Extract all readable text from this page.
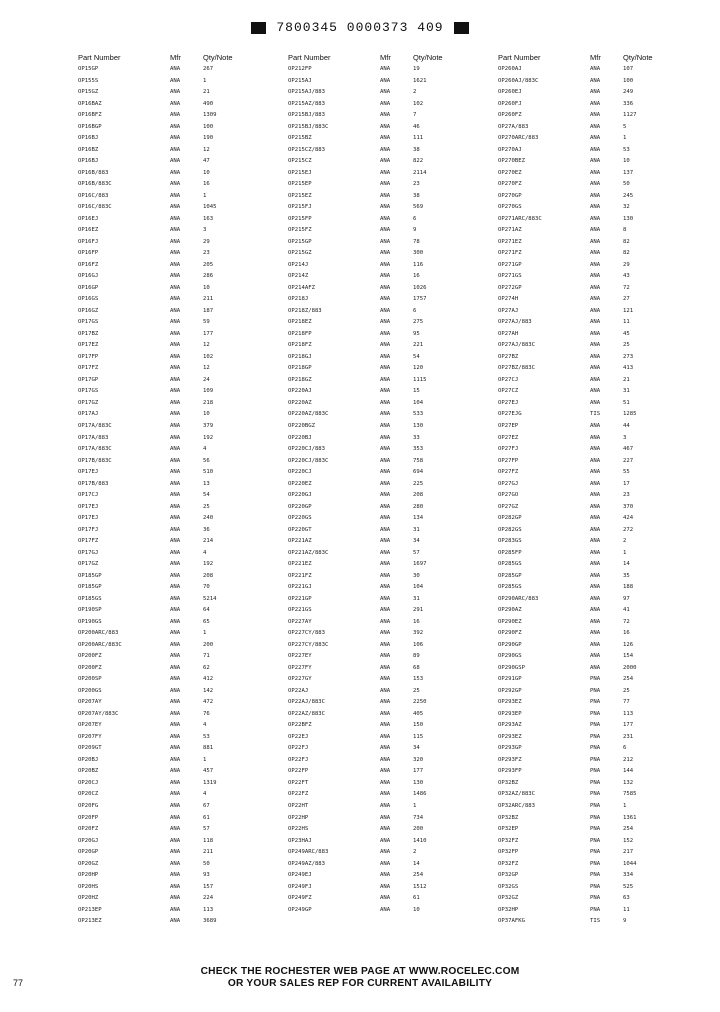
7800345 0000373 409
Part Number	Mfr	Qty/Note
OP15GP	ANA	267
OP155S	ANA	1
OP15GZ	ANA	21
OP16BAZ	ANA	490
OP16BFZ	ANA	1309
OP16BGP	ANA	100
OP16BJ	ANA	190
OP16BZ	ANA	12
OP16BJ	ANA	47
OP16B/883	ANA	10
OP16B/883C	ANA	16
OP16C/883	ANA	1
OP16C/883C	ANA	1045
OP16EJ	ANA	163
OP16EZ	ANA	3
OP16FJ	ANA	29
OP16FP	ANA	23
OP16FZ	ANA	205
OP16GJ	ANA	286
OP16GP	ANA	10
OP16GS	ANA	211
OP16GZ	ANA	187
OP17GS	ANA	59
OP17BZ	ANA	177
OP17EZ	ANA	12
OP17FP	ANA	102
OP17FZ	ANA	12
OP17GP	ANA	24
OP17GS	ANA	109
OP17GZ	ANA	218
OP17AJ	ANA	10
OP17A/883C	ANA	379
OP17A/883	ANA	192
OP17A/883C	ANA	4
OP17B/883C	ANA	56
OP17EJ	ANA	510
OP17B/883	ANA	13
OP17CJ	ANA	54
OP17EJ	ANA	25
OP17EJ	ANA	240
OP17FJ	ANA	36
OP17FZ	ANA	214
OP17GJ	ANA	4
OP17GZ	ANA	192
OP185GP	ANA	208
OP185GP	ANA	70
OP185GS	ANA	5214
OP190SP	ANA	64
OP190GS	ANA	65
OP200ARC/883	ANA	1
OP200ARC/883C	ANA	200
OP200FZ	ANA	71
OP200FZ	ANA	62
OP200SP	ANA	412
OP200GS	ANA	142
OP207AY	ANA	472
OP207AY/883C	ANA	76
OP207EY	ANA	4
OP207FY	ANA	53
OP209GT	ANA	881
OP20BJ	ANA	1
OP20BZ	ANA	457
OP20CJ	ANA	1319
OP20CZ	ANA	4
OP20FG	ANA	67
OP20FP	ANA	61
OP20FZ	ANA	57
OP20GJ	ANA	118
OP20GP	ANA	211
OP20GZ	ANA	50
OP20HP	ANA	93
OP20HS	ANA	157
OP20HZ	ANA	224
OP213EP	ANA	113
OP213EZ	ANA	3689
Part Number	Mfr	Qty/Note
OP212FP	ANA	19
OP215AJ	ANA	1621
OP215AJ/883	ANA	2
OP215AZ/883	ANA	102
OP215BJ/883	ANA	7
OP215BJ/883C	ANA	46
OP215BZ	ANA	111
OP215CZ/883	ANA	38
OP215CZ	ANA	822
OP215EJ	ANA	2114
OP215EP	ANA	23
OP215EZ	ANA	38
OP215FJ	ANA	569
OP215FP	ANA	6
OP215FZ	ANA	9
OP215GP	ANA	78
OP215GZ	ANA	300
OP214J	ANA	116
OP214Z	ANA	16
OP214AFZ	ANA	1026
OP218J	ANA	1757
OP218Z/883	ANA	6
OP218EZ	ANA	275
OP218FP	ANA	95
OP218FZ	ANA	221
OP218GJ	ANA	54
OP218GP	ANA	120
OP218GZ	ANA	1115
OP220AJ	ANA	15
OP220AZ	ANA	104
OP220AZ/883C	ANA	533
OP220BGZ	ANA	130
OP220BJ	ANA	33
OP220CJ/883	ANA	353
OP220CJ/883C	ANA	758
OP220CJ	ANA	694
OP220EZ	ANA	225
OP220GJ	ANA	208
OP220GP	ANA	280
OP220GS	ANA	134
OP220GT	ANA	31
OP221AZ	ANA	34
OP221AZ/883C	ANA	57
OP221EZ	ANA	1697
OP221FZ	ANA	30
OP221GJ	ANA	104
OP221GP	ANA	31
OP221GS	ANA	291
OP227AY	ANA	16
OP227CY/883	ANA	392
OP227CY/883C	ANA	106
OP227EY	ANA	89
OP227FY	ANA	68
OP227GY	ANA	153
OP22AJ	ANA	25
OP22AJ/883C	ANA	2250
OP22AZ/883C	ANA	405
OP22BFZ	ANA	150
OP22EJ	ANA	115
OP22FJ	ANA	34
OP22FJ	ANA	320
OP22FP	ANA	177
OP22FT	ANA	130
OP22FZ	ANA	1486
OP22HT	ANA	1
OP22HP	ANA	734
OP22HS	ANA	200
OP23HAJ	ANA	1410
OP249ARC/883	ANA	2
OP249AZ/883	ANA	14
OP249EJ	ANA	254
OP249FJ	ANA	1512
OP249FZ	ANA	61
OP249GP	ANA	10
Part Number	Mfr	Qty/Note
OP260AJ	ANA	107
OP260AJ/883C	ANA	100
OP260EJ	ANA	249
OP260FJ	ANA	336
OP260FZ	ANA	1127
OP27A/883	ANA	5
OP270ARC/883	ANA	1
OP270AJ	ANA	53
OP270BEZ	ANA	10
OP270EZ	ANA	137
OP270FZ	ANA	50
OP270GP	ANA	245
OP270GS	ANA	32
OP271ARC/883C	ANA	130
OP271AZ	ANA	8
OP271EZ	ANA	82
OP271FZ	ANA	82
OP271GP	ANA	29
OP271GS	ANA	43
OP272GP	ANA	72
OP274H	ANA	27
OP27AJ	ANA	121
OP27AJ/883	ANA	11
OP27AH	ANA	45
OP27AJ/883C	ANA	25
OP27BZ	ANA	273
OP27BZ/883C	ANA	413
OP27CJ	ANA	21
OP27CZ	ANA	31
OP27EJ	ANA	51
OP27EJG	TIS	1285
OP27EP	ANA	44
OP27EZ	ANA	3
OP27FJ	ANA	467
OP27FP	ANA	227
OP27FZ	ANA	55
OP27GJ	ANA	17
OP27GO	ANA	23
OP27GZ	ANA	370
OP282GP	ANA	424
OP282GS	ANA	272
OP283GS	ANA	2
OP285FP	ANA	1
OP285GS	ANA	14
OP285GP	ANA	35
OP285GS	ANA	188
OP290ARC/883	ANA	97
OP290AZ	ANA	41
OP290EZ	ANA	72
OP290FZ	ANA	16
OP290GP	ANA	126
OP290GS	ANA	154
OP290GSP	ANA	2000
OP291GP	PNA	254
OP292GP	PNA	25
OP293EZ	PNA	77
OP293EP	PNA	113
OP293AZ	PNA	177
OP293EZ	PNA	231
OP293GP	PNA	6
OP293FZ	PNA	212
OP293FP	PNA	144
OP32BZ	PNA	132
OP32AZ/883C	PNA	7585
OP32ARC/883	PNA	1
OP32BZ	PNA	1361
OP32EP	PNA	254
OP32FZ	PNA	152
OP32FP	PNA	217
OP32FZ	PNA	1044
OP32GP	PNA	334
OP32GS	PNA	525
OP32GZ	PNA	63
OP32HP	PNA	11
OP37AFKG	TIS	9
CHECK THE ROCHESTER WEB PAGE AT WWW.ROCELEC.COM
OR YOUR SALES REP FOR CURRENT AVAILABILITY
77
